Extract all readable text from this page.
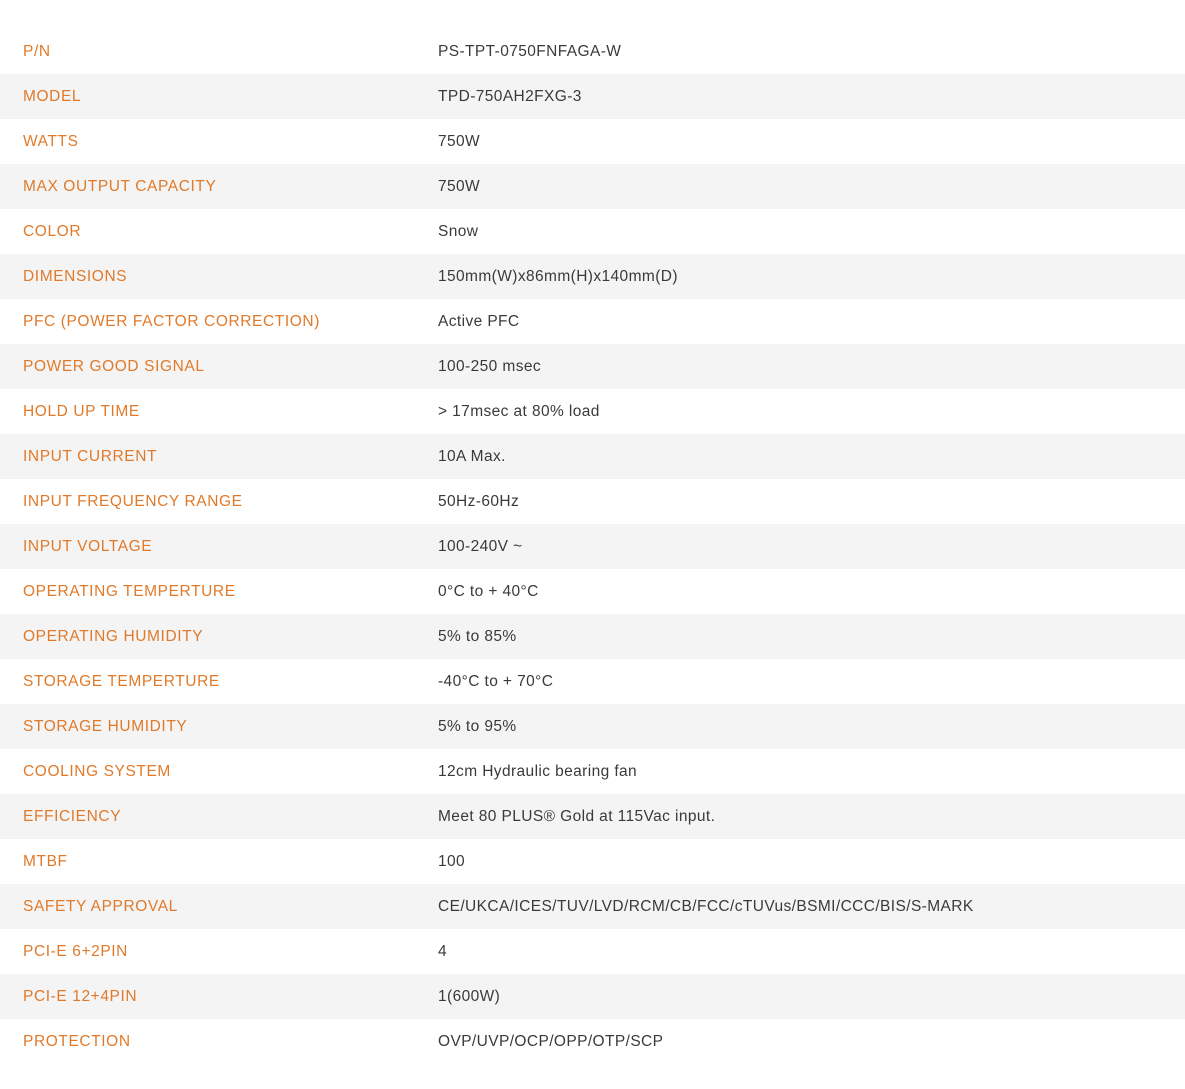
P/N	PS-TPT-0750FNFAGA-W
MODEL	TPD-750AH2FXG-3
WATTS	750W
MAX OUTPUT CAPACITY	750W
COLOR	Snow
DIMENSIONS	150mm(W)x86mm(H)x140mm(D)
PFC (POWER FACTOR CORRECTION)	Active PFC
POWER GOOD SIGNAL	100-250 msec
HOLD UP TIME	> 17msec at 80% load
INPUT CURRENT	10A Max.
INPUT FREQUENCY RANGE	50Hz-60Hz
INPUT VOLTAGE	100-240V ~
OPERATING TEMPERTURE	0°C to + 40°C
OPERATING HUMIDITY	5% to 85%
STORAGE TEMPERTURE	-40°C to + 70°C
STORAGE HUMIDITY	5% to 95%
COOLING SYSTEM	12cm Hydraulic bearing fan
EFFICIENCY	Meet 80 PLUS® Gold at 115Vac input.
MTBF	100
SAFETY APPROVAL	CE/UKCA/ICES/TUV/LVD/RCM/CB/FCC/cTUVus/BSMI/CCC/BIS/S-MARK
PCI-E 6+2PIN	4
PCI-E 12+4PIN	1(600W)
PROTECTION	OVP/UVP/OCP/OPP/OTP/SCP
